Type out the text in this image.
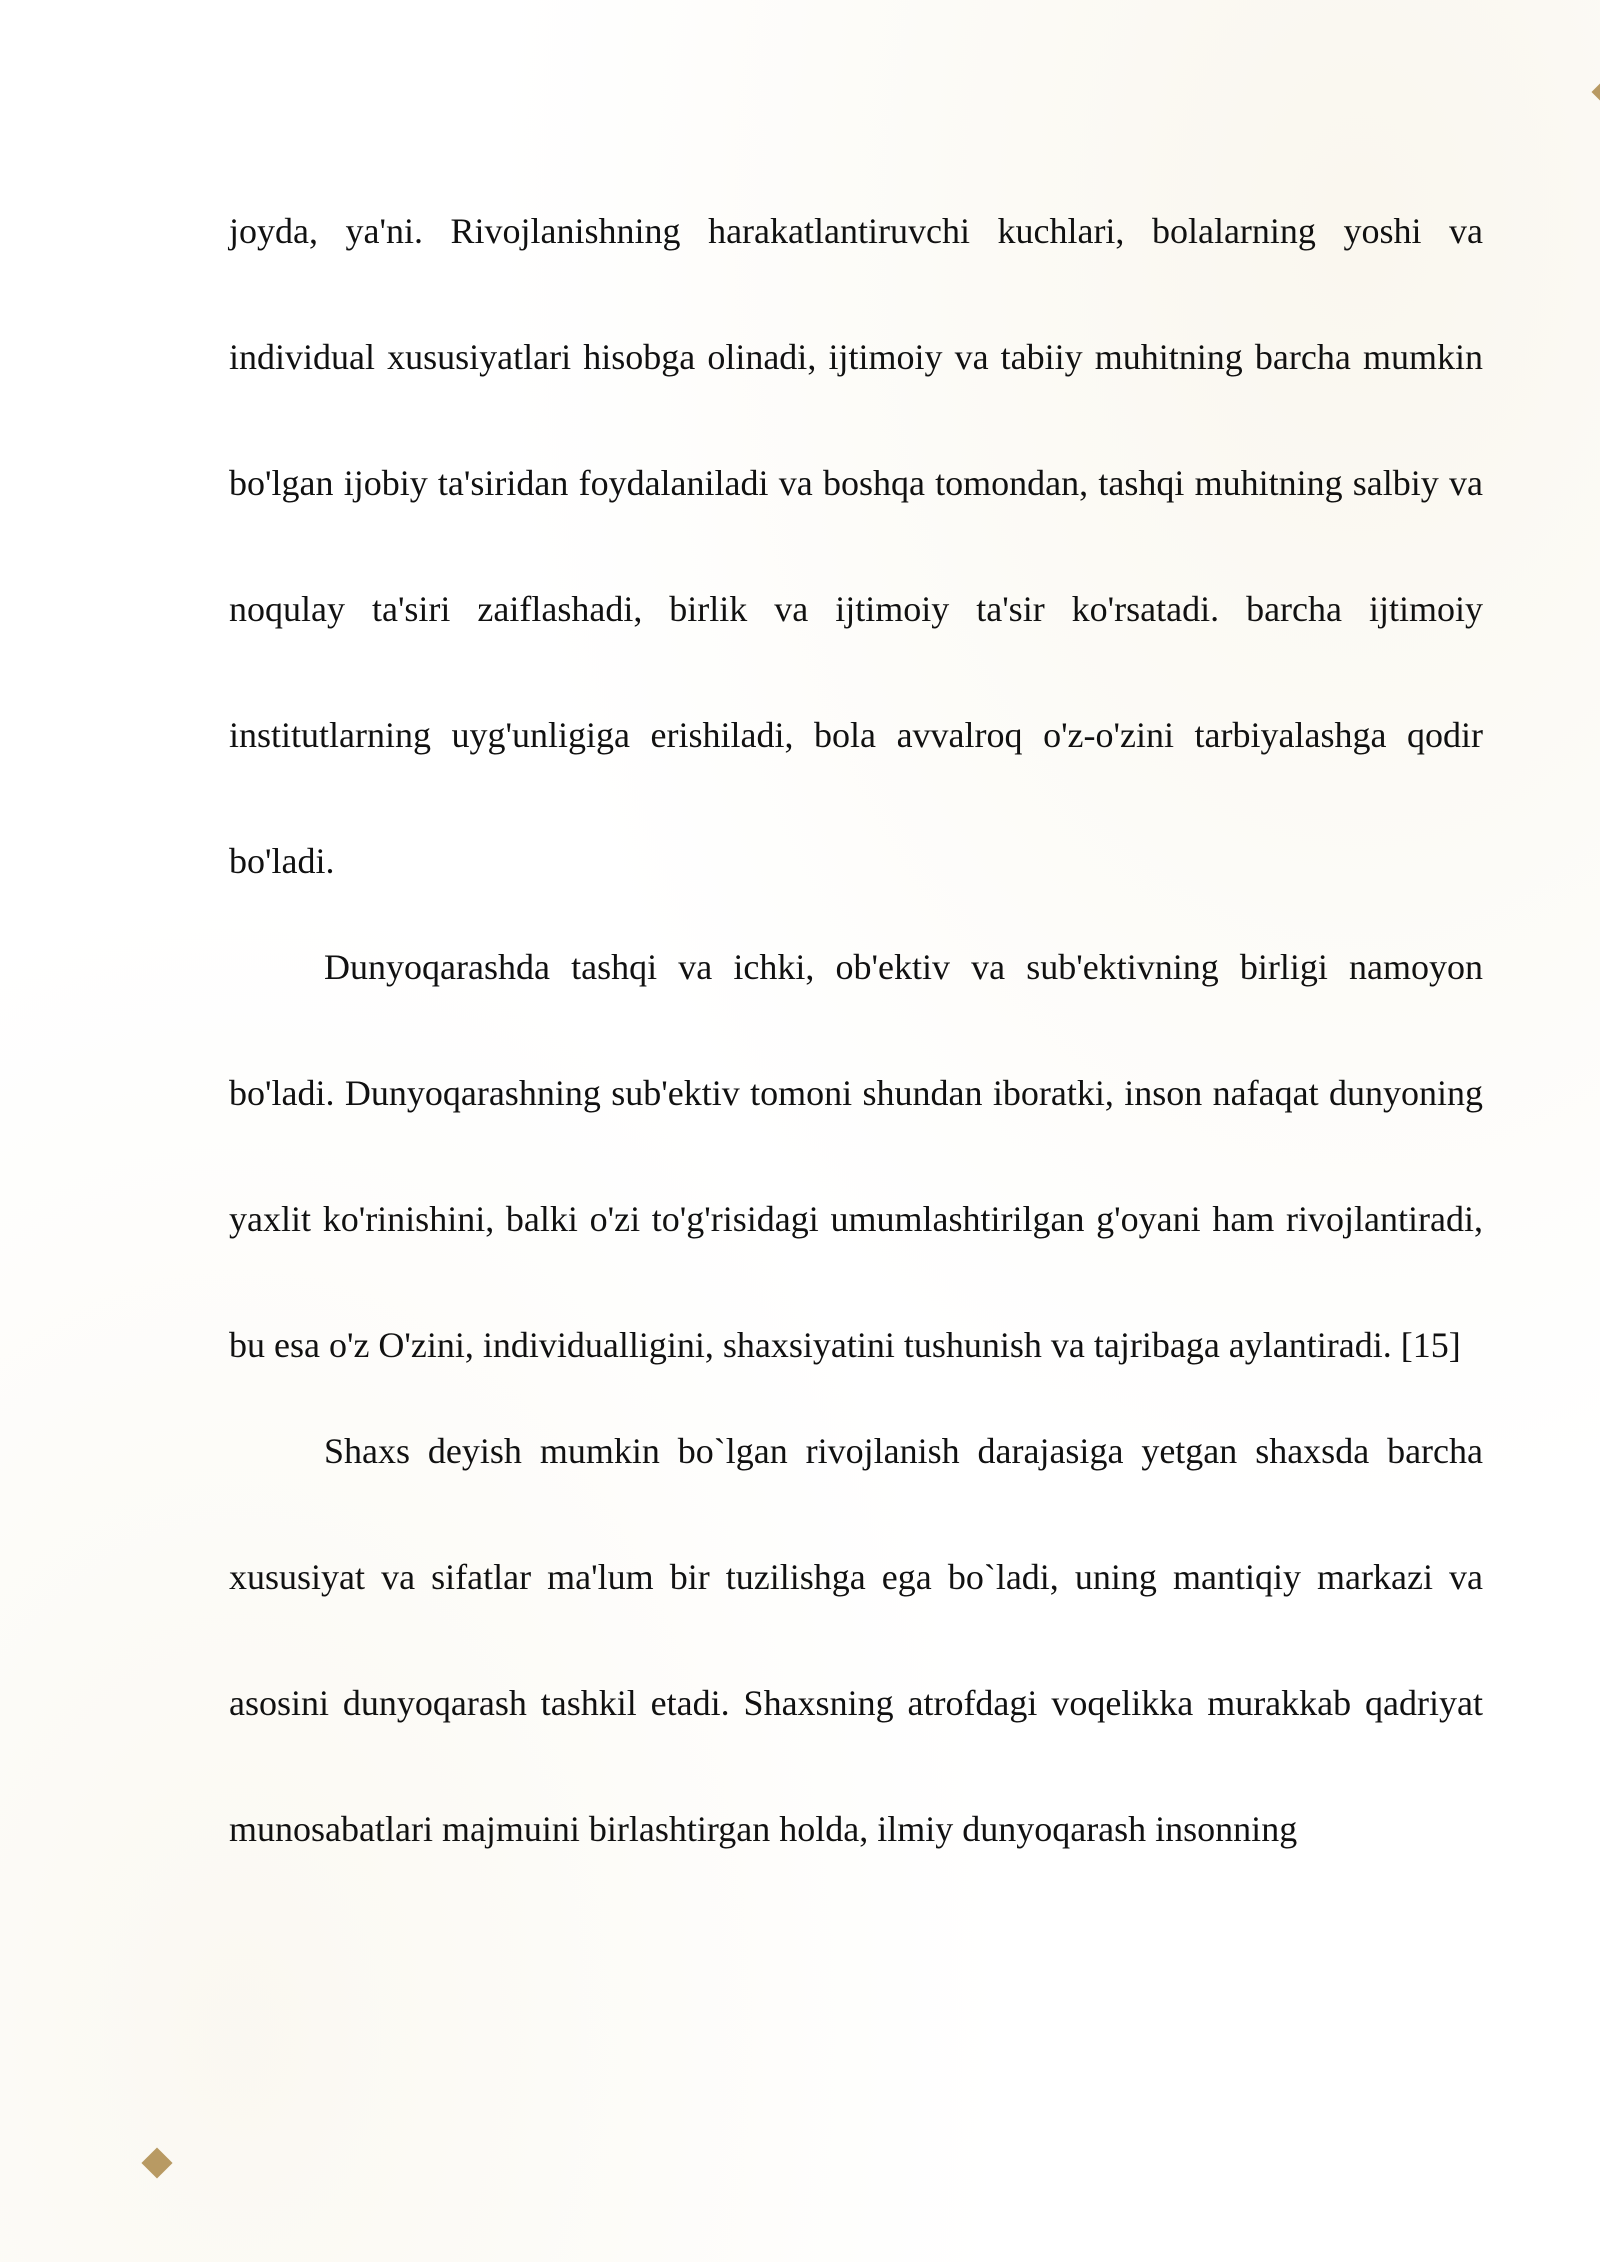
joyda, ya'ni. Rivojlanishning harakatlantiruvchi kuchlari, bolalarning yoshi va individual xususiyatlari hisobga olinadi, ijtimoiy va tabiiy muhitning barcha mumkin bo'lgan ijobiy ta'siridan foydalaniladi va boshqa tomondan, tashqi muhitning salbiy va noqulay ta'siri zaiflashadi, birlik va ijtimoiy ta'sir ko'rsatadi. barcha ijtimoiy institutlarning uyg'unligiga erishiladi, bola avvalroq o'z-o'zini tarbiyalashga qodir bo'ladi.

Dunyoqarashda tashqi va ichki, ob'ektiv va sub'ektivning birligi namoyon bo'ladi. Dunyoqarashning sub'ektiv tomoni shundan iboratki, inson nafaqat dunyoning yaxlit ko'rinishini, balki o'zi to'g'risidagi umumlashtirilgan g'oyani ham rivojlantiradi, bu esa o'z O'zini, individualligini, shaxsiyatini tushunish va tajribaga aylantiradi. [15]

Shaxs deyish mumkin bo`lgan rivojlanish darajasiga yetgan shaxsda barcha xususiyat va sifatlar ma'lum bir tuzilishga ega bo`ladi, uning mantiqiy markazi va asosini dunyoqarash tashkil etadi. Shaxsning atrofdagi voqelikka murakkab qadriyat munosabatlari majmuini birlashtirgan holda, ilmiy dunyoqarash insonning
